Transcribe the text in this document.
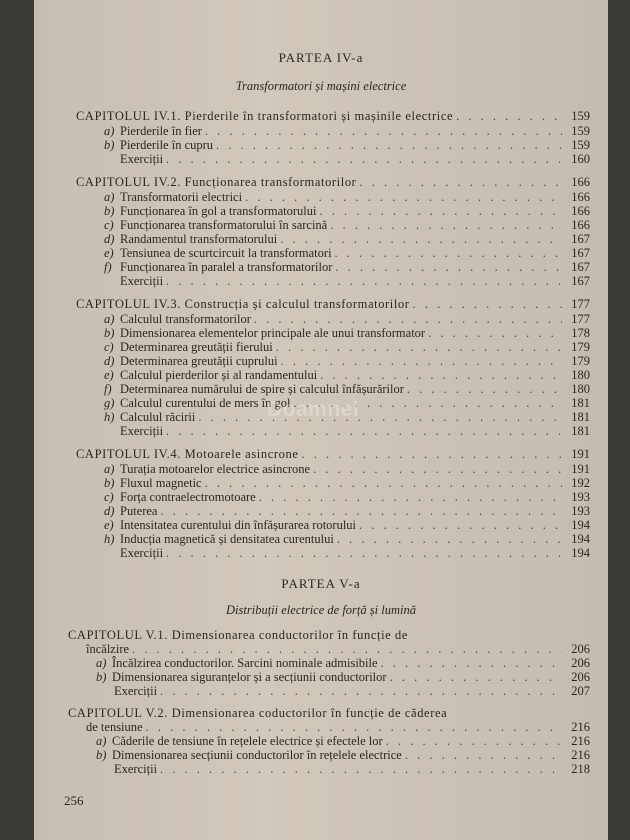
PARTEA IV-a
Transformatori și mașini electrice
CAPITOLUL IV.1. Pierderile în transformatori și mașinile electrice . . .	159
a) Pierderile în fier . . .	159
b) Pierderile în cupru . . .	159
Exerciții . . .	160
CAPITOLUL IV.2. Funcționarea transformatorilor . . .	166
a) Transformatorii electrici . . .	166
b) Funcționarea în gol a transformatorului . . .	166
c) Funcționarea transformatorului în sarcină . . .	166
d) Randamentul transformatorului . . .	167
e) Tensiunea de scurtcircuit la transformatori . . .	167
f) Funcționarea în paralel a transformatorilor . . .	167
Exerciții . . .	167
CAPITOLUL IV.3. Construcția și calculul transformatorilor . . .	177
a) Calculul transformatorilor . . .	177
b) Dimensionarea elementelor principale ale unui transformator . . .	178
c) Determinarea greutății fierului . . .	179
d) Determinarea greutății cuprului . . .	179
e) Calculul pierderilor și al randamentului . . .	180
f) Determinarea numărului de spire și calculul înfășurărilor . . .	180
g) Calculul curentului de mers în gol . . .	181
h) Calculul răcirii . . .	181
Exerciții . . .	181
CAPITOLUL IV.4. Motoarele asincrone . . .	191
a) Turația motoarelor electrice asincrone . . .	191
b) Fluxul magnetic . . .	192
c) Forța contraelectromotoare . . .	193
d) Puterea . . .	193
e) Intensitatea curentului din înfășurarea rotorului . . .	194
h) Inducția magnetică și densitatea curentului . . .	194
Exerciții . . .	194
PARTEA V-a
Distribuții electrice de forță și lumină
CAPITOLUL V.1. Dimensionarea conductorilor în funcție de
încălzire . . .	206
a) Încălzirea conductorilor. Sarcini nominale admisibile . . .	206
b) Dimensionarea siguranțelor și a secțiunii conductorilor . . .	206
Exerciții . . .	207
CAPITOLUL V.2. Dimensionarea coductorilor în funcție de căderea
de tensiune . . .	216
a) Căderile de tensiune în rețelele electrice și efectele lor . . .	216
b) Dimensionarea secțiunii conductorilor în rețelele electrice . . .	216
Exerciții . . .	218
256
Doamnei
